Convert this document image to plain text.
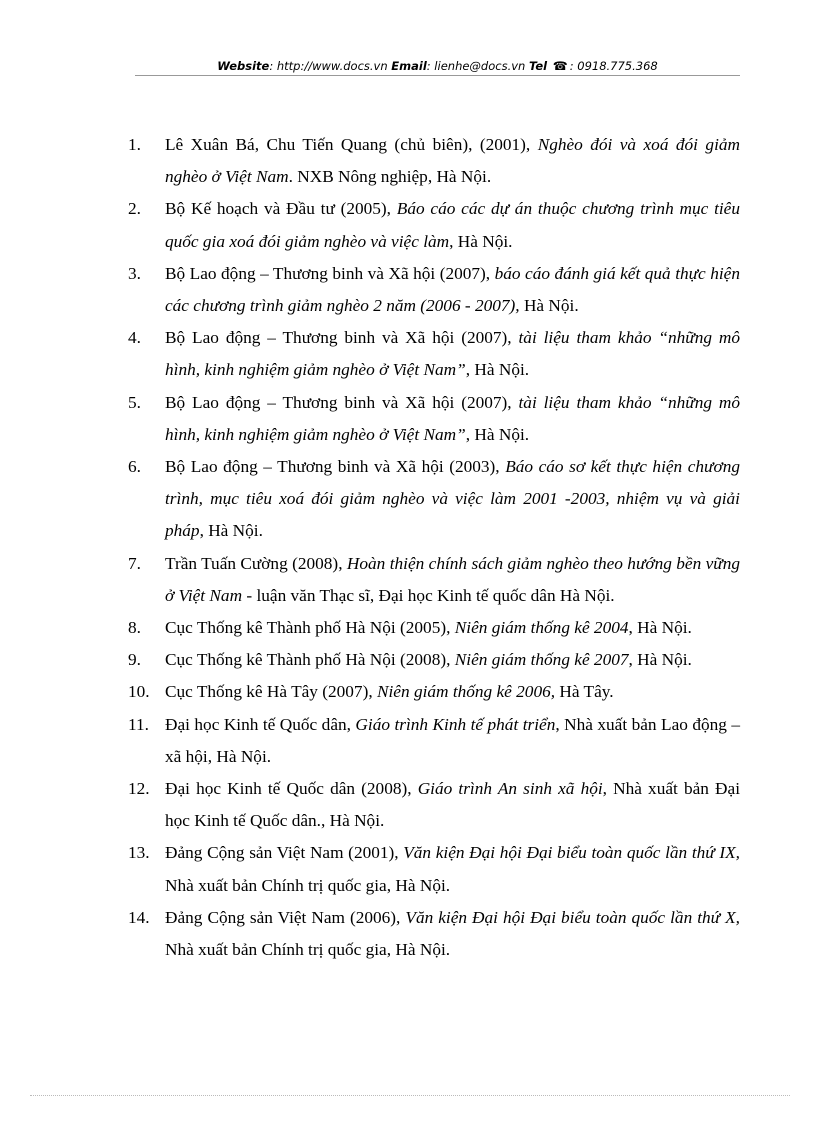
Website: http://www.docs.vn Email: lienhe@docs.vn Tel ☎ : 0918.775.368
1.	Lê Xuân Bá, Chu Tiến Quang (chủ biên), (2001), Nghèo đói và xoá đói giảm nghèo ở Việt Nam. NXB Nông nghiệp, Hà Nội.
2.	Bộ Kế hoạch và Đầu tư (2005), Báo cáo các dự án thuộc chương trình mục tiêu quốc gia xoá đói giảm nghèo và việc làm, Hà Nội.
3.	Bộ Lao động – Thương binh và Xã hội (2007), báo cáo đánh giá kết quả thực hiện các chương trình giảm nghèo 2 năm (2006 - 2007), Hà Nội.
4.	Bộ Lao động – Thương binh và Xã hội (2007), tài liệu tham khảo “những mô hình, kinh nghiệm giảm nghèo ở Việt Nam”, Hà Nội.
5.	Bộ Lao động – Thương binh và Xã hội (2007), tài liệu tham khảo “những mô hình, kinh nghiệm giảm nghèo ở Việt Nam”, Hà Nội.
6.	Bộ Lao động – Thương binh và Xã hội (2003), Báo cáo sơ kết thực hiện chương trình, mục tiêu xoá đói giảm nghèo và việc làm 2001 -2003, nhiệm vụ và giải pháp, Hà Nội.
7.	Trần Tuấn Cường (2008), Hoàn thiện chính sách giảm nghèo theo hướng bền vững ở Việt Nam - luận văn Thạc sĩ, Đại học Kinh tế quốc dân Hà Nội.
8.	Cục Thống kê Thành phố Hà Nội (2005), Niên giám thống kê 2004, Hà Nội.
9.	Cục Thống kê Thành phố Hà Nội (2008), Niên giám thống kê 2007, Hà Nội.
10. Cục Thống kê Hà Tây (2007), Niên giám thống kê 2006, Hà Tây.
11. Đại học Kinh tế Quốc dân, Giáo trình Kinh tế phát triển, Nhà xuất bản Lao động – xã hội, Hà Nội.
12. Đại học Kinh tế Quốc dân (2008), Giáo trình An sinh xã hội, Nhà xuất bản Đại học Kinh tế Quốc dân., Hà Nội.
13. Đảng Cộng sản Việt Nam (2001), Văn kiện Đại hội Đại biểu toàn quốc lần thứ IX, Nhà xuất bản Chính trị quốc gia, Hà Nội.
14. Đảng Cộng sản Việt Nam (2006), Văn kiện Đại hội Đại biểu toàn quốc lần thứ X, Nhà xuất bản Chính trị quốc gia, Hà Nội.
